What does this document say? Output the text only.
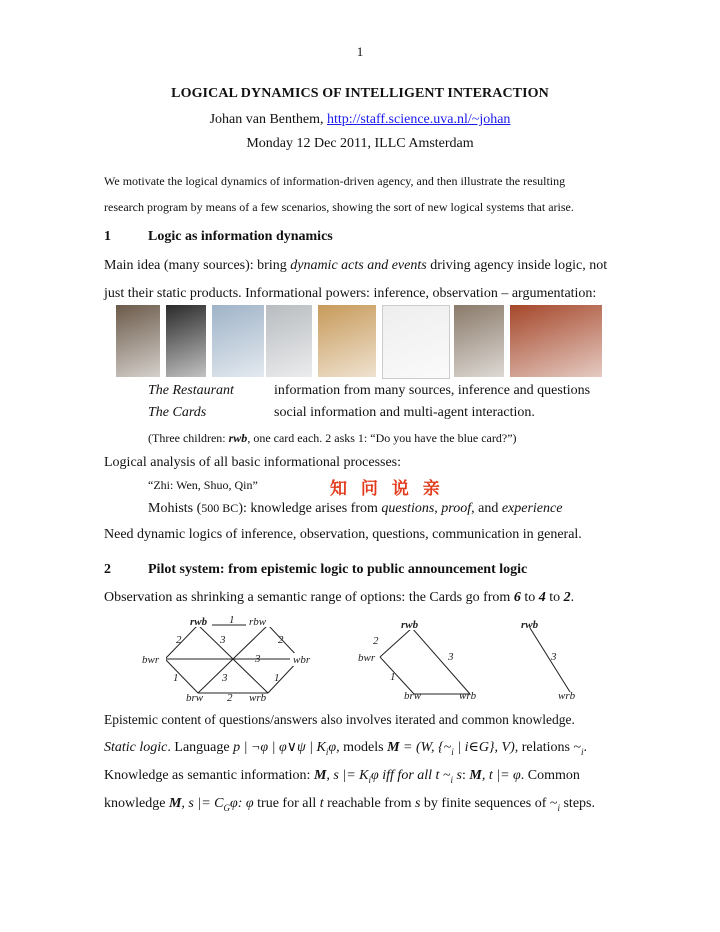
1
LOGICAL DYNAMICS OF INTELLIGENT INTERACTION
Johan van Benthem, http://staff.science.uva.nl/~johan
Monday 12 Dec 2011, ILLC Amsterdam
We motivate the logical dynamics of information-driven agency, and then illustrate the resulting
research program by means of a few scenarios, showing the sort of new logical systems that arise.
1	Logic as information dynamics
Main idea (many sources): bring dynamic acts and events driving agency inside logic, not
just their static products. Informational powers: inference, observation – argumentation:
The Restaurant	information from many sources, inference and questions
The Cards	social information and multi-agent interaction.
(Three children: rwb, one card each. 2 asks 1: “Do you have the blue card?”)
Logical analysis of all basic informational processes:
“Zhi: Wen, Shuo, Qin”	知 问 说 亲
Mohists (500 BC): knowledge arises from questions, proof, and experience
Need dynamic logics of inference, observation, questions, communication in general.
2	Pilot system: from epistemic logic to public announcement logic
Observation as shrinking a semantic range of options: the Cards go from 6 to 4 to 2.
rwb	rbw
bwr	wbr
brw	wrb
1
2	3	2
3
1	3	1
2
rwb
bwr
brw	wrb
2
3
1
rwb
wrb
3
Epistemic content of questions/answers also involves iterated and common knowledge.
Static logic. Language p | ¬φ | φ∨ψ | $K_i\varphi$, models M = (W, {$\sim_i$ | i∈G}, V), relations $\sim_i$.
Knowledge as semantic information: M, s |= $K_i\varphi$ iff for all t $\sim_i$ s: M, t |= φ. Common
knowledge M, s |= $C_G\varphi$: φ true for all t reachable from s by finite sequences of $\sim_i$ steps.
